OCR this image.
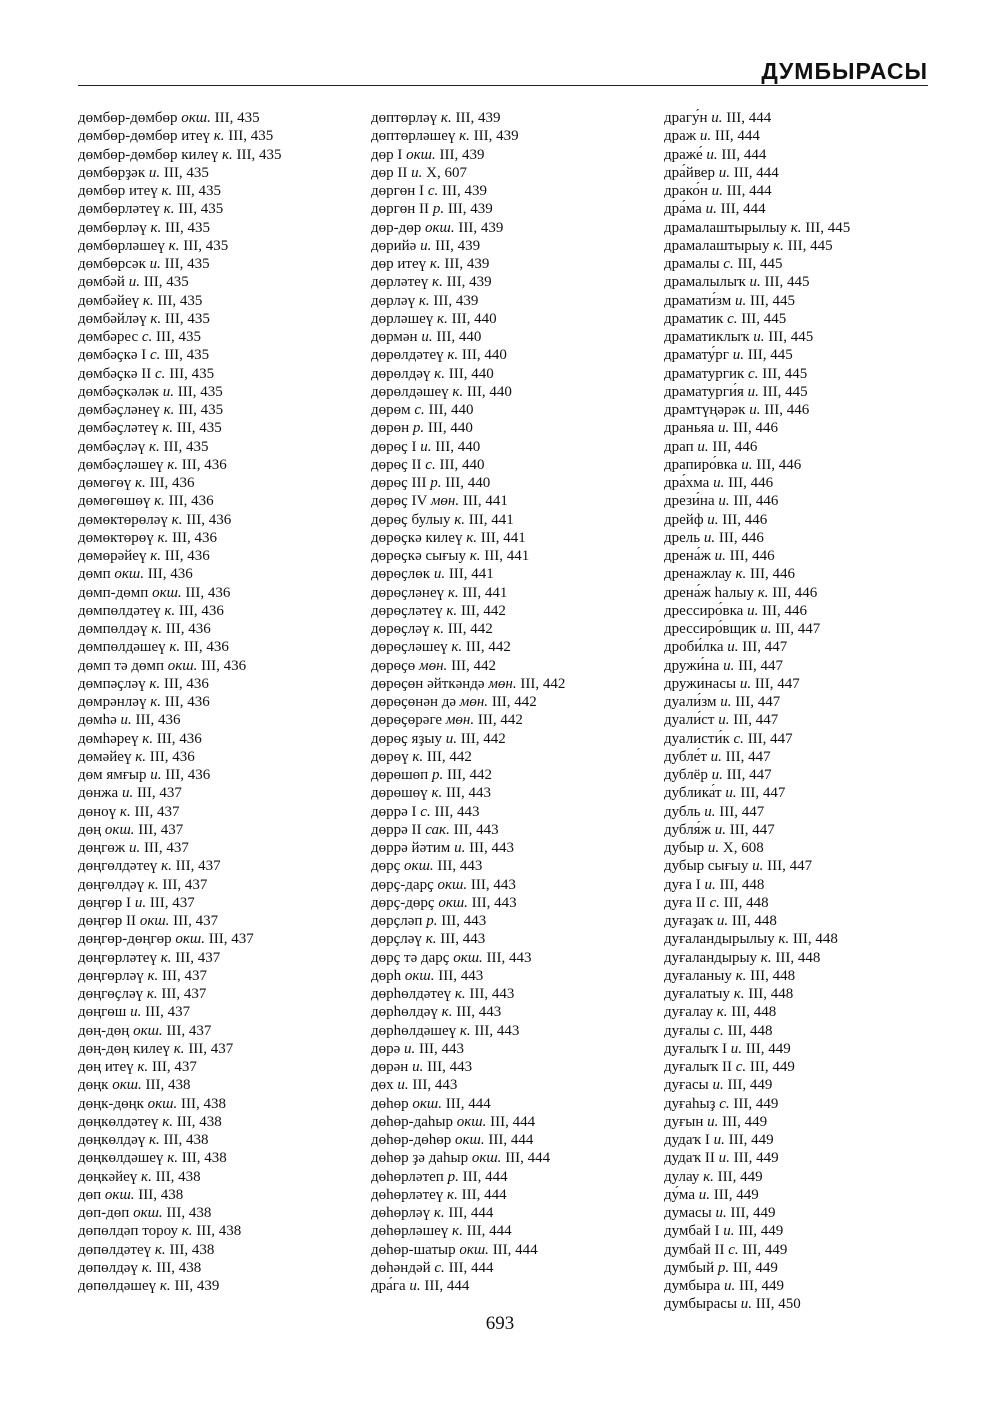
ДУМБЫРАСЫ
дөмбөр-дөмбөр окш. III, 435
дөмбөр-дөмбөр итеү к. III, 435
дөмбөр-дөмбөр килеү к. III, 435
дөмбөрҙәк и. III, 435
дөмбөр итеү к. III, 435
дөмбөрләтеү к. III, 435
дөмбөрләү к. III, 435
дөмбөрләшеү к. III, 435
дөмбөрсәк и. III, 435
дөмбәй и. III, 435
дөмбәйеү к. III, 435
дөмбәйләү к. III, 435
дөмбәрес с. III, 435
дөмбәҫкә I с. III, 435
дөмбәҫкә II с. III, 435
дөмбәҫкәләк и. III, 435
дөмбәҫләнеү к. III, 435
дөмбәҫләтеү к. III, 435
дөмбәҫләү к. III, 435
дөмбәҫләшеү к. III, 436
дөмөгөү к. III, 436
дөмөгөшөү к. III, 436
дөмөктөрөләү к. III, 436
дөмөктөрөү к. III, 436
дөмөрәйеү к. III, 436
дөмп окш. III, 436
дөмп-дөмп окш. III, 436
дөмпөлдәтеү к. III, 436
дөмпөлдәү к. III, 436
дөмпөлдәшеү к. III, 436
дөмп тә дөмп окш. III, 436
дөмпәҫләү к. III, 436
дөмрәнләү к. III, 436
дөмһә и. III, 436
дөмһәреү к. III, 436
дөмәйеү к. III, 436
дөм ямғыр и. III, 436
дөнжа и. III, 437
дөноү к. III, 437
дөң окш. III, 437
дөңгөж и. III, 437
дөңгөлдәтеү к. III, 437
дөңгөлдәү к. III, 437
дөңгөр I и. III, 437
дөңгөр II окш. III, 437
дөңгөр-дөңгөр окш. III, 437
дөңгөрләтеү к. III, 437
дөңгөрләү к. III, 437
дөңгөҫләү к. III, 437
дөңгөш и. III, 437
дөң-дөң окш. III, 437
дөң-дөң килеү к. III, 437
дөң итеү к. III, 437
дөңк окш. III, 438
дөңк-дөңк окш. III, 438
дөңкөлдәтеү к. III, 438
дөңкөлдәү к. III, 438
дөңкөлдәшеү к. III, 438
дөңкәйеү к. III, 438
дөп окш. III, 438
дөп-дөп окш. III, 438
дөпөлдәп тороу к. III, 438
дөпөлдәтеү к. III, 438
дөпөлдәү к. III, 438
дөпөлдәшеү к. III, 439
дөптөрләү к. III, 439
дөптөрләшеү к. III, 439
дөр I окш. III, 439
дөр II и. X, 607
дөргөн I с. III, 439
дөргөн II р. III, 439
дөр-дөр окш. III, 439
дөрийә и. III, 439
дөр итеү к. III, 439
дөрләтеү к. III, 439
дөрләү к. III, 439
дөрләшеү к. III, 440
дөрмән и. III, 440
дөрөлдәтеү к. III, 440
дөрөлдәү к. III, 440
дөрөлдәшеү к. III, 440
дөрөм с. III, 440
дөрөн р. III, 440
дөрөҫ I и. III, 440
дөрөҫ II с. III, 440
дөрөҫ III р. III, 440
дөрөҫ IV мөн. III, 441
дөрөҫ булыу к. III, 441
дөрөҫкә килеү к. III, 441
дөрөҫкә сығыу к. III, 441
дөрөҫлөк и. III, 441
дөрөҫләнеү к. III, 441
дөрөҫләтеү к. III, 442
дөрөҫләү к. III, 442
дөрөҫләшеү к. III, 442
дөрөҫө мөн. III, 442
дөрөҫөн әйткәндә мөн. III, 442
дөрөҫөнән дә мөн. III, 442
дөрөҫөрәге мөн. III, 442
дөрөҫ яҙыу и. III, 442
дөрөү к. III, 442
дөрөшөп р. III, 442
дөрөшөү к. III, 443
дөррә I с. III, 443
дөррә II сак. III, 443
дөррә йәтим и. III, 443
дөрҫ окш. III, 443
дөрҫ-дарҫ окш. III, 443
дөрҫ-дөрҫ окш. III, 443
дөрҫләп р. III, 443
дөрҫләү к. III, 443
дөрҫ тә дарҫ окш. III, 443
дөрһ окш. III, 443
дөрһөлдәтеү к. III, 443
дөрһөлдәү к. III, 443
дөрһөлдәшеү к. III, 443
дөрә и. III, 443
дөрән и. III, 443
дөх и. III, 443
дөһөр окш. III, 444
дөһөр-даһыр окш. III, 444
дөһөр-дөһөр окш. III, 444
дөһөр ҙә даһыр окш. III, 444
дөһөрләтеп р. III, 444
дөһөрләтеү к. III, 444
дөһөрләү к. III, 444
дөһөрләшеү к. III, 444
дөһөр-шатыр окш. III, 444
дөһәндәй с. III, 444
дра́га и. III, 444
драгу́н и. III, 444
драж и. III, 444
драже́ и. III, 444
дра́йвер и. III, 444
драко́н и. III, 444
дра́ма и. III, 444
драмалаштырылыу к. III, 445
драмалаштырыу к. III, 445
драмалы с. III, 445
драмалылыҡ и. III, 445
драмати́зм и. III, 445
драматик с. III, 445
драматиклыҡ и. III, 445
драмату́рг и. III, 445
драматургик с. III, 445
драматурги́я и. III, 445
драмтүңәрәк и. III, 446
драньяа и. III, 446
драп и. III, 446
драпиро́вка и. III, 446
дра́хма и. III, 446
дрези́на и. III, 446
дрейф и. III, 446
дрель и. III, 446
дрена́ж и. III, 446
дренажлау к. III, 446
дрена́ж һалыу к. III, 446
дрессиро́вка и. III, 446
дрессиро́вщик и. III, 447
дроби́лка и. III, 447
дружи́на и. III, 447
дружинасы и. III, 447
дуали́зм и. III, 447
дуали́ст и. III, 447
дуалисти́к с. III, 447
дубле́т и. III, 447
дублёр и. III, 447
дублика́т и. III, 447
дубль и. III, 447
дубля́ж и. III, 447
дубыр и. X, 608
дубыр сығыу и. III, 447
дуға I и. III, 448
дуға II с. III, 448
дуғаҙаҡ и. III, 448
дуғаландырылыу к. III, 448
дуғаландырыу к. III, 448
дуғаланыу к. III, 448
дуғалатыу к. III, 448
дуғалау к. III, 448
дуғалы с. III, 448
дуғалыҡ I и. III, 449
дуғалыҡ II с. III, 449
дуғасы и. III, 449
дуғаһыҙ с. III, 449
дуғын и. III, 449
дудаҡ I и. III, 449
дудаҡ II и. III, 449
дулау к. III, 449
ду́ма и. III, 449
думасы и. III, 449
думбай I и. III, 449
думбай II с. III, 449
думбый р. III, 449
думбыра и. III, 449
думбырасы и. III, 450
693
